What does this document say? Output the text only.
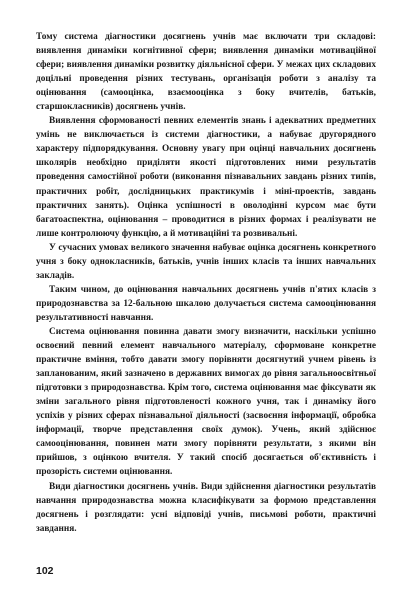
Тому система діагностики досягнень учнів має включати три складові: виявлення динаміки когнітивної сфери; виявлення динаміки мотиваційної сфери; виявлення динаміки розвитку діяльнісної сфери. У межах цих складових доцільні проведення різних тестувань, організація роботи з аналізу та оцінювання (самооцінка, взаємооцінка з боку вчителів, батьків, старшокласників) досягнень учнів.

Виявлення сформованості певних елементів знань і адекватних предметних умінь не виключається із системи діагностики, а набуває другорядного характеру підпорядкування. Основну увагу при оцінці навчальних досягнень школярів необхідно приділяти якості підготовлених ними результатів проведення самостійної роботи (виконання пізнавальних завдань різних типів, практичних робіт, дослідницьких практикумів і міні-проектів, завдань практичних занять). Оцінка успішності в оволодінні курсом має бути багатоаспектна, оцінювання – проводитися в різних формах і реалізувати не лише контролюючу функцію, а й мотиваційні та розвивальні.

У сучасних умовах великого значення набуває оцінка досягнень конкретного учня з боку однокласників, батьків, учнів інших класів та інших навчальних закладів.

Таким чином, до оцінювання навчальних досягнень учнів п'ятих класів з природознавства за 12-бальною шкалою долучається система самооцінювання результативності навчання.

Система оцінювання повинна давати змогу визначити, наскільки успішно освоєний певний елемент навчального матеріалу, сформоване конкретне практичне вміння, тобто давати змогу порівняти досягнутий учнем рівень із запланованим, який зазначено в державних вимогах до рівня загальноосвітньої підготовки з природознавства. Крім того, система оцінювання має фіксувати як зміни загального рівня підготовленості кожного учня, так і динаміку його успіхів у різних сферах пізнавальної діяльності (засвоєння інформації, обробка інформації, творче представлення своїх думок). Учень, який здійснює самооцінювання, повинен мати змогу порівняти результати, з якими він прийшов, з оцінкою вчителя. У такий спосіб досягається об'єктивність і прозорість системи оцінювання.

Види діагностики досягнень учнів. Види здійснення діагностики результатів навчання природознавства можна класифікувати за формою представлення досягнень і розглядати: усні відповіді учнів, письмові роботи, практичні завдання.

102
